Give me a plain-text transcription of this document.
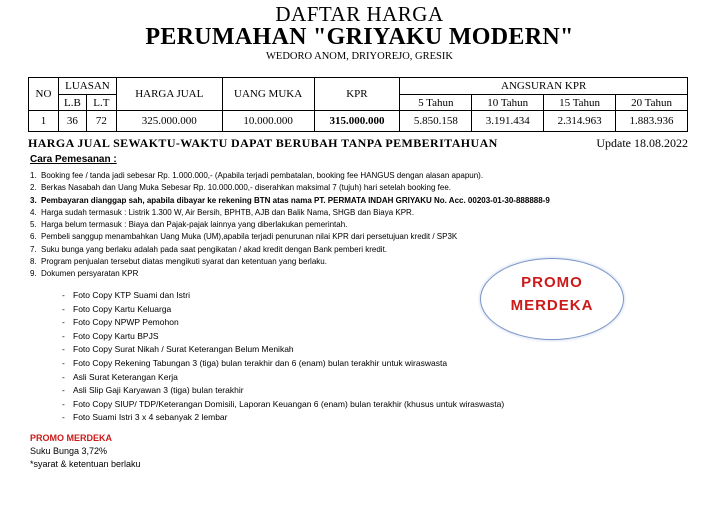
DAFTAR HARGA
PERUMAHAN "GRIYAKU MODERN"
WEDORO ANOM, DRIYOREJO, GRESIK
NO	LUASAN		HARGA JUAL	UANG MUKA	KPR	ANGSURAN KPR			
	L.B	L.T				5 Tahun	10 Tahun	15 Tahun	20 Tahun
1	36	72	325.000.000	10.000.000	315.000.000	5.850.158	3.191.434	2.314.963	1.883.936
HARGA JUAL SEWAKTU-WAKTU DAPAT BERUBAH TANPA PEMBERITAHUAN	Update 18.08.2022
Cara Pemesanan :
1. Booking fee / tanda jadi sebesar Rp. 1.000.000,- (Apabila terjadi pembatalan, booking fee HANGUS dengan alasan apapun).
2. Berkas Nasabah dan Uang Muka Sebesar Rp. 10.000.000,- diserahkan maksimal 7 (tujuh) hari setelah booking fee.
3. Pembayaran dianggap sah, apabila dibayar ke rekening BTN atas nama PT. PERMATA INDAH GRIYAKU No. Acc. 00203-01-30-888888-9
4. Harga sudah termasuk : Listrik 1.300 W, Air Bersih, BPHTB, AJB dan Balik Nama, SHGB dan Biaya KPR.
5. Harga belum termasuk : Biaya dan Pajak-pajak lainnya yang diberlakukan pemerintah.
6. Pembeli sanggup menambahkan Uang Muka (UM),apabila terjadi penurunan nilai KPR dari persetujuan kredit / SP3K
7. Suku bunga yang berlaku adalah pada saat pengikatan / akad kredit dengan Bank pemberi kredit.
8. Program penjualan tersebut diatas mengikuti syarat dan ketentuan yang berlaku.
9. Dokumen persyaratan KPR
- Foto Copy KTP Suami dan Istri
- Foto Copy Kartu Keluarga
- Foto Copy NPWP Pemohon
- Foto Copy Kartu BPJS
- Foto Copy Surat Nikah / Surat Keterangan Belum Menikah
- Foto Copy Rekening Tabungan 3 (tiga) bulan terakhir dan 6 (enam) bulan terakhir untuk wiraswasta
- Asli Surat Keterangan Kerja
- Asli Slip Gaji Karyawan 3 (tiga) bulan terakhir
- Foto Copy SIUP/ TDP/Keterangan Domisili, Laporan Keuangan 6 (enam) bulan terakhir (khusus untuk wiraswasta)
- Foto Suami Istri 3 x 4 sebanyak 2 lembar
PROMO
MERDEKA
PROMO MERDEKA
Suku Bunga 3,72%
*syarat & ketentuan berlaku
